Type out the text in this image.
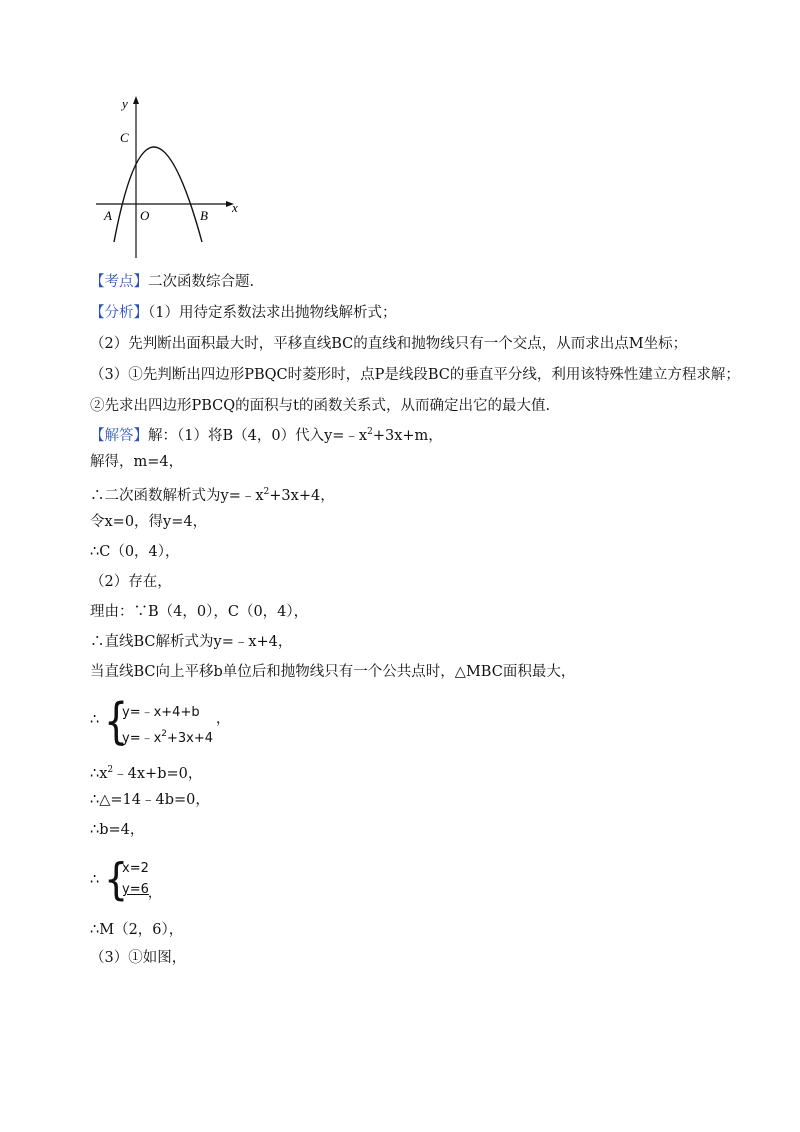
y
x
C
A O	B
【考点】二次函数综合题.
【分析】（1）用待定系数法求出抛物线解析式；
（2）先判断出面积最大时，平移直线BC的直线和抛物线只有一个交点，从而求出点M坐标；
（3）①先判断出四边形PBQC时菱形时，点P是线段BC的垂直平分线，利用该特殊性建立方程求解；
②先求出四边形PBCQ的面积与t的函数关系式，从而确定出它的最大值.
【解答】解：（1）将B（4，0）代入$y=﹣x^2+3x+m$，
解得，m=4，
∴二次函数解析式为$y=﹣x^2+3x+4$，
令x=0，得y=4，
∴C（0，4），
（2）存在，
理由：∵B（4，0），C（0，4），
∴直线BC解析式为y=﹣x+4，
当直线BC向上平移b单位后和抛物线只有一个公共点时，△MBC面积最大，
∴ {
y=﹣x+4+b
$y=﹣x^2+3x+4$
，
$\therefore x^2﹣4x+b=0$，
∴△=14﹣4b=0，
∴b=4，
∴ {
x=2
y=6 ，
∴M（2，6），
（3）①如图，
